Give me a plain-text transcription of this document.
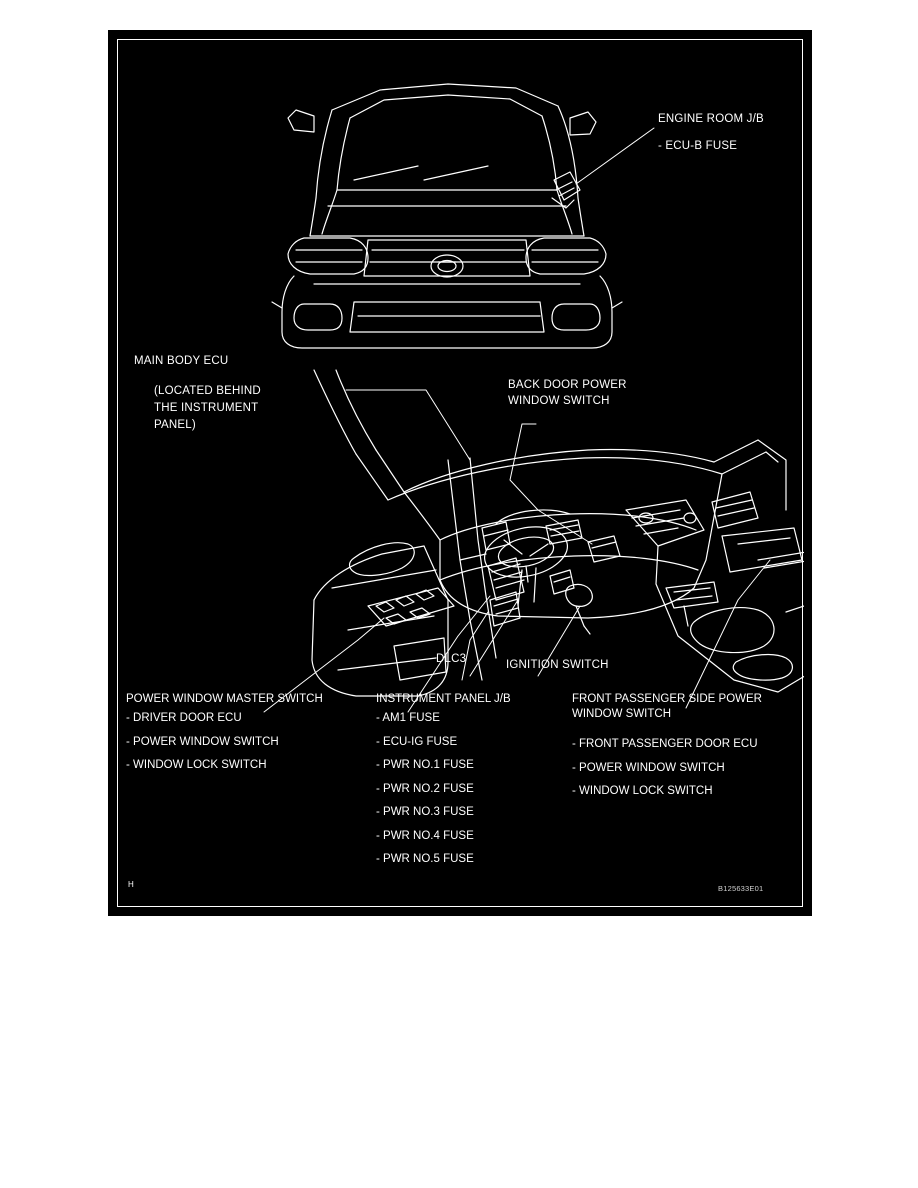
ENGINE ROOM J/B
- ECU-B FUSE
MAIN BODY ECU
(LOCATED BEHIND
THE INSTRUMENT
PANEL)
BACK DOOR POWER
WINDOW SWITCH
DLC3	IGNITION SWITCH
POWER WINDOW MASTER SWITCH
- DRIVER DOOR ECU
- POWER WINDOW SWITCH
- WINDOW LOCK SWITCH
INSTRUMENT PANEL J/B
- AM1 FUSE
- ECU-IG FUSE
- PWR NO.1 FUSE
- PWR NO.2 FUSE
- PWR NO.3 FUSE
- PWR NO.4 FUSE
- PWR NO.5 FUSE
FRONT PASSENGER SIDE POWER
WINDOW SWITCH
- FRONT PASSENGER DOOR ECU
- POWER WINDOW SWITCH
- WINDOW LOCK SWITCH
H	B125633E01
